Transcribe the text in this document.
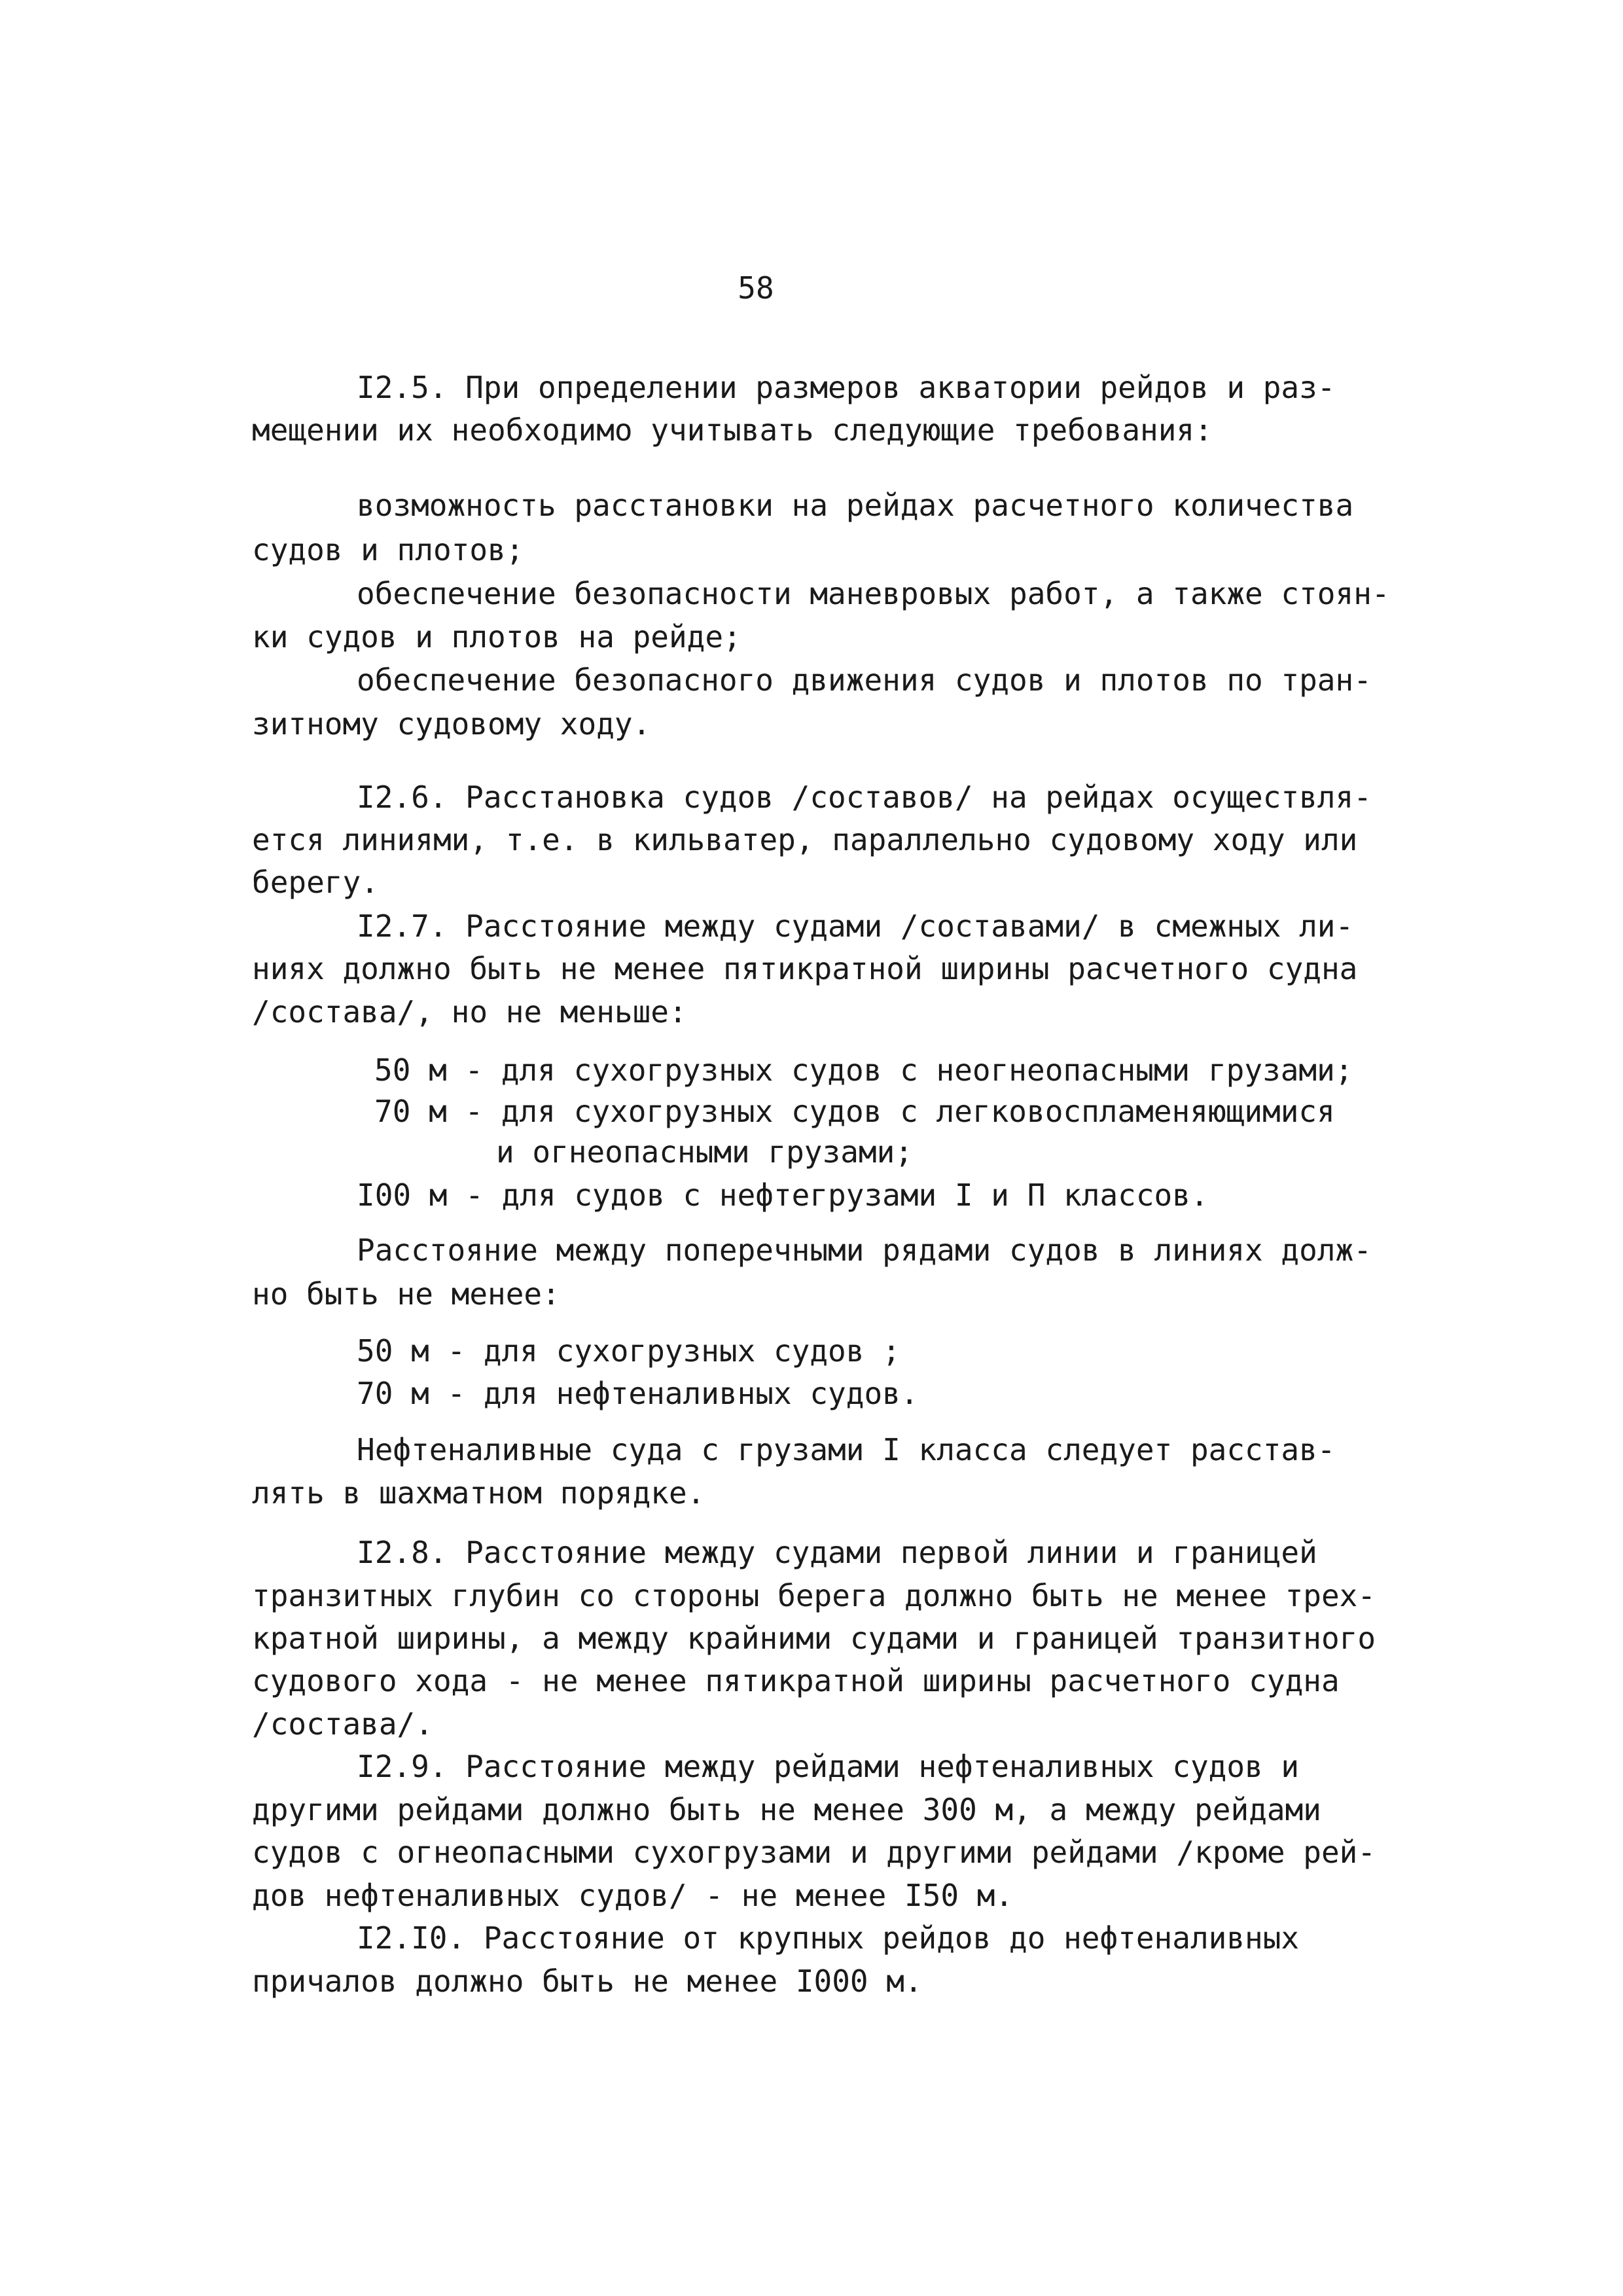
58
I2.5. При определении размеров акватории рейдов и раз-
мещении их необходимо учитывать следующие требования:
возможность расстановки на рейдах расчетного количества
судов и плотов;
обеспечение безопасности маневровых работ, а также стоян-
ки судов и плотов на рейде;
обеспечение безопасного движения судов и плотов по тран-
зитному судовому ходу.
I2.6. Расстановка судов /составов/ на рейдах осуществля-
ется линиями, т.е. в кильватер, параллельно судовому ходу или
берегу.
I2.7. Расстояние между судами /составами/ в смежных ли-
ниях должно быть не менее пятикратной ширины расчетного судна
/состава/, но не меньше:
50 м - для сухогрузных судов с неогнеопасными грузами;
70 м - для сухогрузных судов с легковоспламеняющимися
и огнеопасными грузами;
I00 м - для судов с нефтегрузами I и П классов.
Расстояние между поперечными рядами судов в линиях долж-
но быть не менее:
50 м - для сухогрузных судов ;
70 м - для нефтеналивных судов.
Нефтеналивные суда с грузами I класса следует расстав-
лять в шахматном порядке.
I2.8. Расстояние между судами первой линии и границей
транзитных глубин со стороны берега должно быть не менее трех-
кратной ширины, а между крайними судами и границей транзитного
судового хода - не менее пятикратной ширины расчетного судна
/состава/.
I2.9. Расстояние между рейдами нефтеналивных судов и
другими рейдами должно быть не менее 300 м, а между рейдами
судов с огнеопасными сухогрузами и другими рейдами /кроме рей-
дов нефтеналивных судов/ - не менее I50 м.
I2.I0. Расстояние от крупных рейдов до нефтеналивных
причалов должно быть не менее I000 м.
